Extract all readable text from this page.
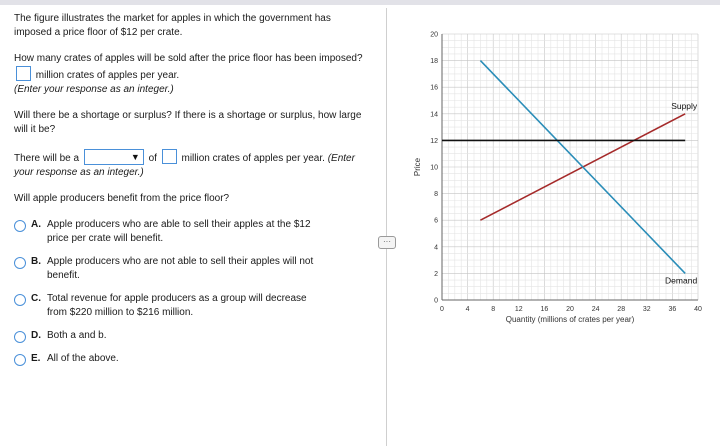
The figure illustrates the market for apples in which the government has imposed a price floor of $12 per crate.

How many crates of apples will be sold after the price floor has been imposed?  million crates of apples per year.
(Enter your response as an integer.)

Will there be a shortage or surplus? If there is a shortage or surplus, how large will it be?

There will be a	▼ of million crates of apples per year. (Enter your response as an integer.)

Will apple producers benefit from the price floor?

A. Apple producers who are able to sell their apples at the $12 price per crate will benefit.
B. Apple producers who are not able to sell their apples will not benefit.
C. Total revenue for apple producers as a group will decrease from $220 million to $216 million.
D. Both a and b.
E. All of the above.
···
0	4	8	12	16	20	24	28	32	36	40
0
2
4
6
8
10
12
14
16
18
20
Quantity (millions of crates per year)
Price
Supply
Demand
